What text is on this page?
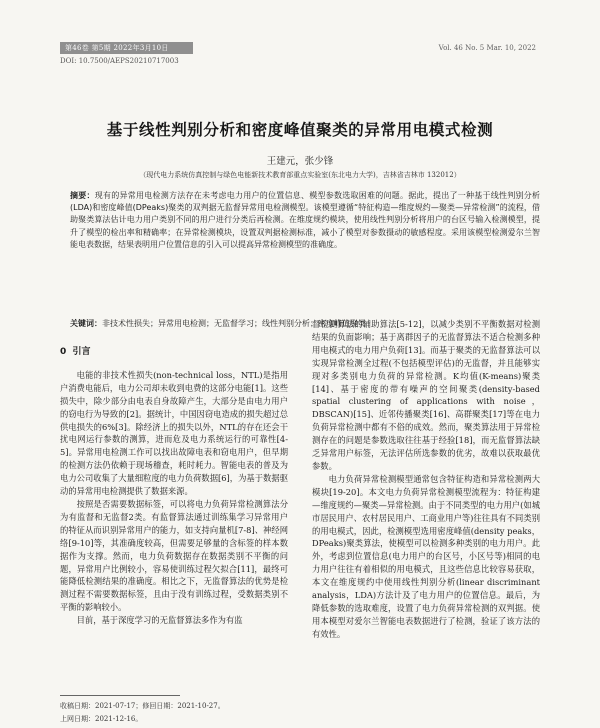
第46卷 第5期 2022年3月10日	Vol. 46 No. 5 Mar. 10, 2022
DOI: 10.7500/AEPS20210717003
基于线性判别分析和密度峰值聚类的异常用电模式检测
王建元，张少锋
（现代电力系统仿真控制与绿色电能新技术教育部重点实验室(东北电力大学)，吉林省吉林市 132012）
摘要：现有的异常用电检测方法存在未考虑电力用户的位置信息、模型参数选取困难的问题。据此，提出了一种基于线性判别分析(LDA)和密度峰值(DPeaks)聚类的双判据无监督异常用电检测模型。该模型遵循“特征构造—维度规约—聚类—异常检测”的流程，借助聚类算法估计电力用户类别不同的用户进行分类后再检测。在维度规约模块，使用线性判别分析将用户的台区号输入检测模型，提升了模型的检出率和精确率；在异常检测模块，设置双判据检测标准，减小了模型对参数摄动的敏感程度。采用该模型检测爱尔兰智能电表数据，结果表明用户位置信息的引入可以提高异常检测模型的准确度。
关键词：非技术性损失；异常用电检测；无监督学习；线性判别分析；密度峰值聚类
0 引言

电能的非技术性损失(non-technical loss，NTL)是指用户消费电能后，电力公司却未收到电费的这部分电能[1]。这些损失中，除少部分由电表自身故障产生，大部分是由电力用户的窃电行为导致的[2]。据统计，中国因窃电造成的损失超过总供电损失的6%[3]。除经济上的损失以外，NTL的存在还会干扰电网运行参数的测算，进而危及电力系统运行的可靠性[4-5]。异常用电检测工作可以找出故障电表和窃电用户，但早期的检测方法仍依赖于现场稽查，耗时耗力。智能电表的普及为电力公司收集了大量细粒度的电力负荷数据[6]，为基于数据驱动的异常用电检测提供了数据来源。

按照是否需要数据标签，可以将电力负荷异常检测算法分为有监督和无监督2类。有监督算法通过训练集学习异常用户的特征从而识别异常用户的能力，如支持向量机[7-8]、神经网络[9-10]等，其准确度较高，但需要足够量的含标签的样本数据作为支撑。然而，电力负荷数据存在数据类别不平衡的问题，异常用户比例较小，容易使训练过程欠拟合[11]，最终可能降低检测结果的准确度。相比之下，无监督算法的优势是检测过程不需要数据标签，且由于没有训练过程，受数据类别不平衡的影响较小。

目前，基于深度学习的无监督算法多作为有监

督检测算法的辅助算法[5-12]，以减少类别不平衡数据对检测结果的负面影响；基于离群因子的无监督算法不适合检测多种用电模式的电力用户负荷[13]。而基于聚类的无监督算法可以实现异常检测全过程(不包括模型评估)的无监督，并且能够实现对多类别电力负荷的异常检测。K均值(K-means)聚类[14]、基于密度的带有噪声的空间聚类(density-based spatial clustering of applications with noise，DBSCAN)[15]、近邻传播聚类[16]、高群聚类[17]等在电力负荷异常检测中都有不俗的成效。然而，聚类算法用于异常检测存在的问题是参数选取往往基于经验[18]，而无监督算法缺乏异常用户标签，无法评估所选参数的优劣，故难以获取最优参数。

电力负荷异常检测模型通常包含特征构造和异常检测两大模块[19-20]。本文电力负荷异常检测模型流程为：特征构建—维度规约—聚类—异常检测。由于不同类型的电力用户(如城市居民用户、农村居民用户、工商业用户等)往往具有不同类别的用电模式，因此，检测模型选用密度峰值(density peaks，DPeaks)聚类算法，使模型可以检测多种类别的电力用户。此外，考虑到位置信息(电力用户的台区号，小区号等)相同的电力用户往往有着相似的用电模式，且这些信息比较容易获取，本文在维度规约中使用线性判别分析(linear discriminant analysis，LDA)方法计及了电力用户的位置信息。最后，为降低参数的选取难度，设置了电力负荷异常检测的双判据。使用本模型对爱尔兰智能电表数据进行了检测，验证了该方法的有效性。

收稿日期：2021-07-17；修回日期：2021-10-27。
上网日期：2021-12-16。
